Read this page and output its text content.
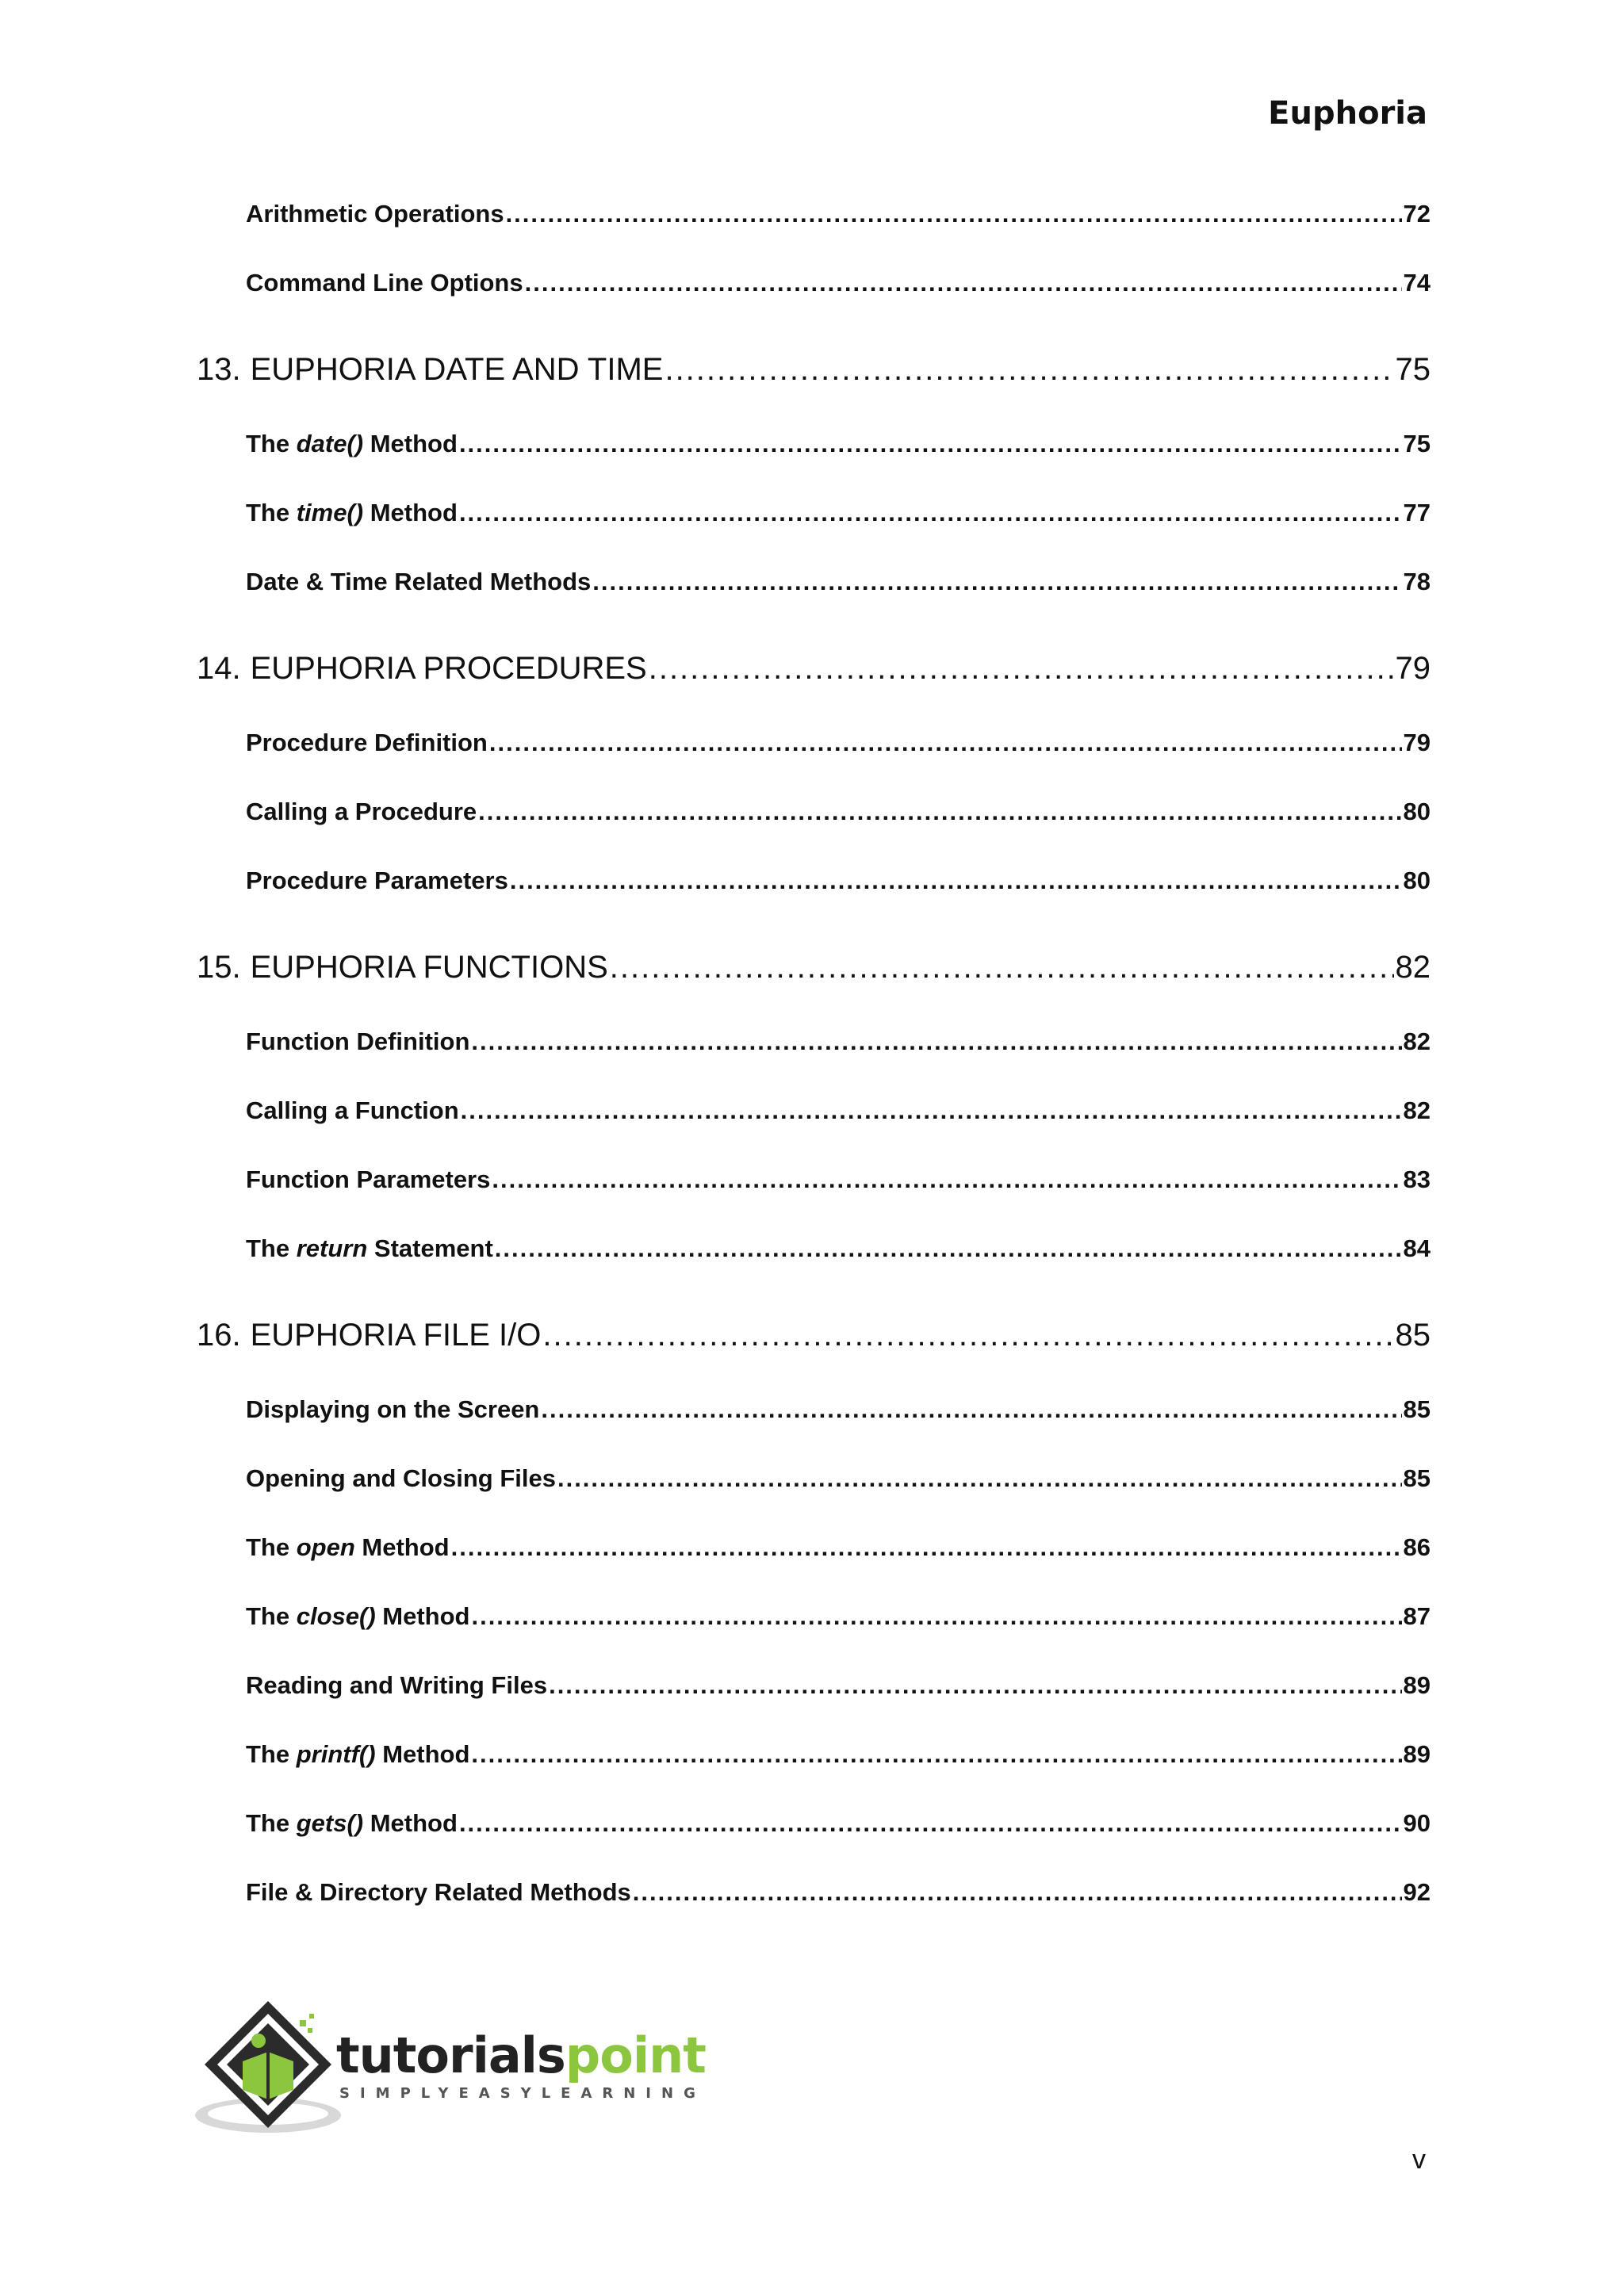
Euphoria
Arithmetic Operations .....	72
Command Line Options .....	74
13. EUPHORIA DATE AND TIME .....	75
The date() Method .....	75
The time() Method .....	77
Date & Time Related Methods .....	78
14. EUPHORIA PROCEDURES .....	79
Procedure Definition .....	79
Calling a Procedure .....	80
Procedure Parameters .....	80
15. EUPHORIA FUNCTIONS .....	82
Function Definition .....	82
Calling a Function .....	82
Function Parameters .....	83
The return Statement .....	84
16. EUPHORIA FILE I/O .....	85
Displaying on the Screen .....	85
Opening and Closing Files .....	85
The open Method .....	86
The close() Method .....	87
Reading and Writing Files .....	89
The printf() Method .....	89
The gets() Method .....	90
File & Directory Related Methods .....	92
tutorialspoint
SIMPLYEASYLEARNING
v
